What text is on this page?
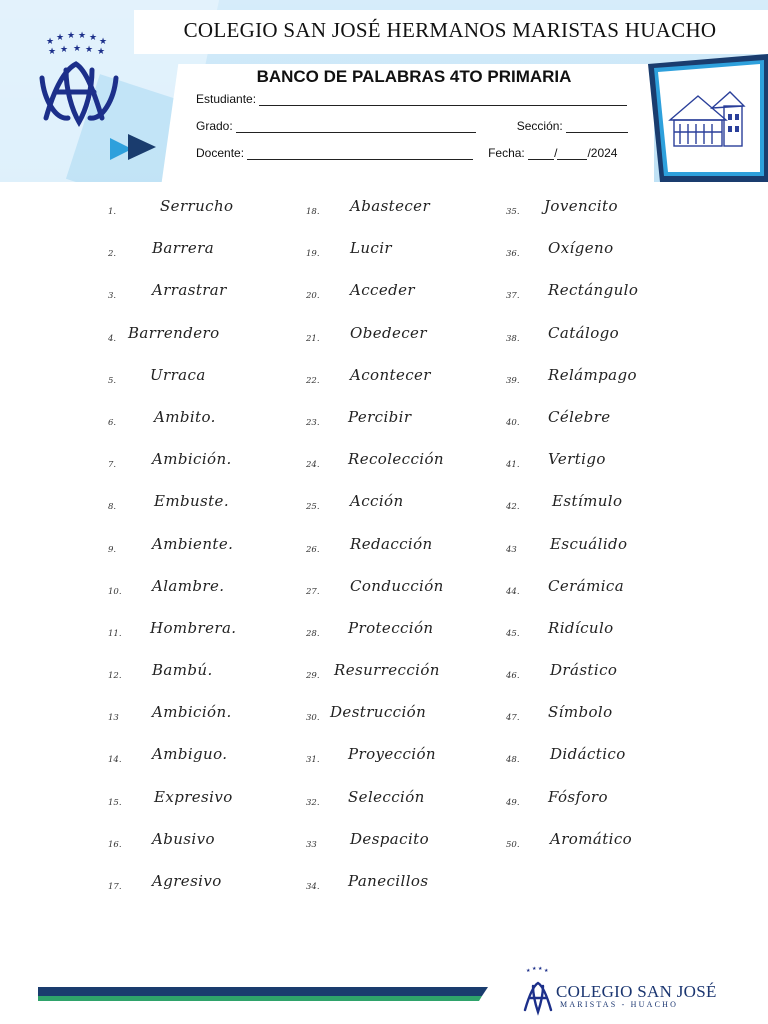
★ ★ ★ ★ ★ ★
★ ★ ★ ★ ★
COLEGIO SAN JOSÉ HERMANOS MARISTAS HUACHO
BANCO DE PALABRAS 4TO PRIMARIA
Estudiante:
Grado:	Sección:
Docente:	Fecha: /	/2024
1.	Serrucho
2. Barrera
3. Arrastrar
4. Barrendero
5. Urraca
6.	Ambito.
7. Ambición.
8.	Embuste.
9. Ambiente.
10. Alambre.
11. Hombrera.
12. Bambú.
13 Ambición.
14. Ambiguo.
15. Expresivo
16. Abusivo
17. Agresivo
18. Abastecer
19. Lucir
20. Acceder
21. Obedecer
22. Acontecer
23. Percibir
24. Recolección
25. Acción
26. Redacción
27. Conducción
28. Protección
29. Resurrección
30. Destrucción
31. Proyección
32. Selección
33 Despacito
34. Panecillos
35. Jovencito
36. Oxígeno
37. Rectángulo
38. Catálogo
39. Relámpago
40. Célebre
41. Vertigo
42. Estímulo
43 Escuálido
44. Cerámica
45. Ridículo
46. Drástico
47. Símbolo
48. Didáctico
49. Fósforo
50. Aromático
★ ★ ★ ★
COLEGIO SAN JOSÉ
MARISTAS - HUACHO
